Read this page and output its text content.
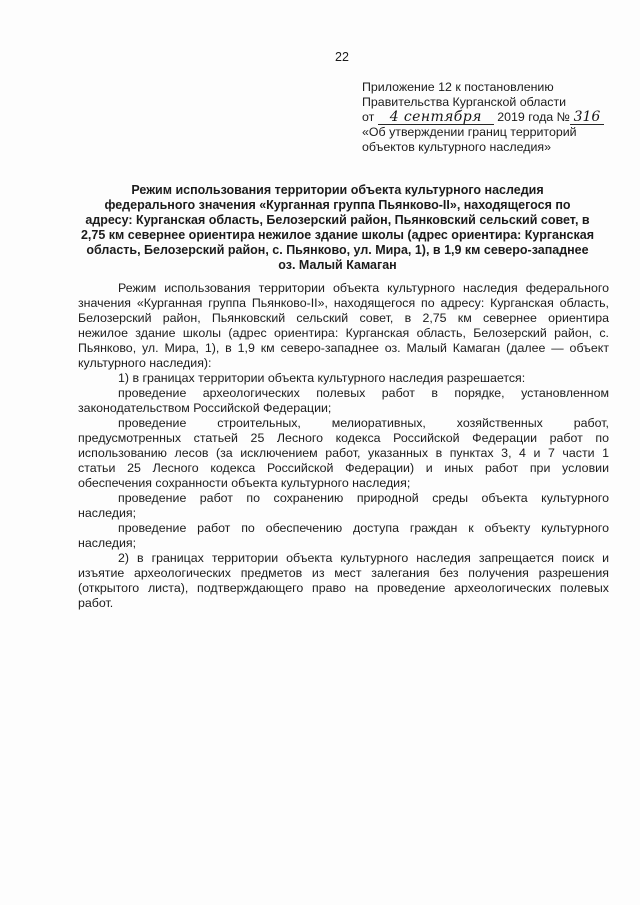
22
Приложение 12 к постановлению
Правительства Курганской области
от 4 сентября 2019 года № 316
«Об утверждении границ территорий
объектов культурного наследия»
Режим использования территории объекта культурного наследия
федерального значения «Курганная группа Пьянково-II», находящегося по
адресу: Курганская область, Белозерский район, Пьянковский сельский совет, в
2,75 км севернее ориентира нежилое здание школы (адрес ориентира: Курганская
область, Белозерский район, с. Пьянково, ул. Мира, 1), в 1,9 км северо-западнее
оз. Малый Камаган
Режим использования территории объекта культурного наследия федерального
значения «Курганная группа Пьянково-II», находящегося по адресу: Курганская область,
Белозерский район, Пьянковский сельский совет, в 2,75 км севернее ориентира
нежилое здание школы (адрес ориентира: Курганская область, Белозерский район, с.
Пьянково, ул. Мира, 1), в 1,9 км северо-западнее оз. Малый Камаган (далее — объект
культурного наследия):
1) в границах территории объекта культурного наследия разрешается:
проведение археологических полевых работ в порядке, установленном
законодательством Российской Федерации;
проведение строительных, мелиоративных, хозяйственных работ,
предусмотренных статьей 25 Лесного кодекса Российской Федерации работ по
использованию лесов (за исключением работ, указанных в пунктах 3, 4 и 7 части 1
статьи 25 Лесного кодекса Российской Федерации) и иных работ при условии
обеспечения сохранности объекта культурного наследия;
проведение работ по сохранению природной среды объекта культурного
наследия;
проведение работ по обеспечению доступа граждан к объекту культурного
наследия;
2) в границах территории объекта культурного наследия запрещается поиск и
изъятие археологических предметов из мест залегания без получения разрешения
(открытого листа), подтверждающего право на проведение археологических полевых
работ.
